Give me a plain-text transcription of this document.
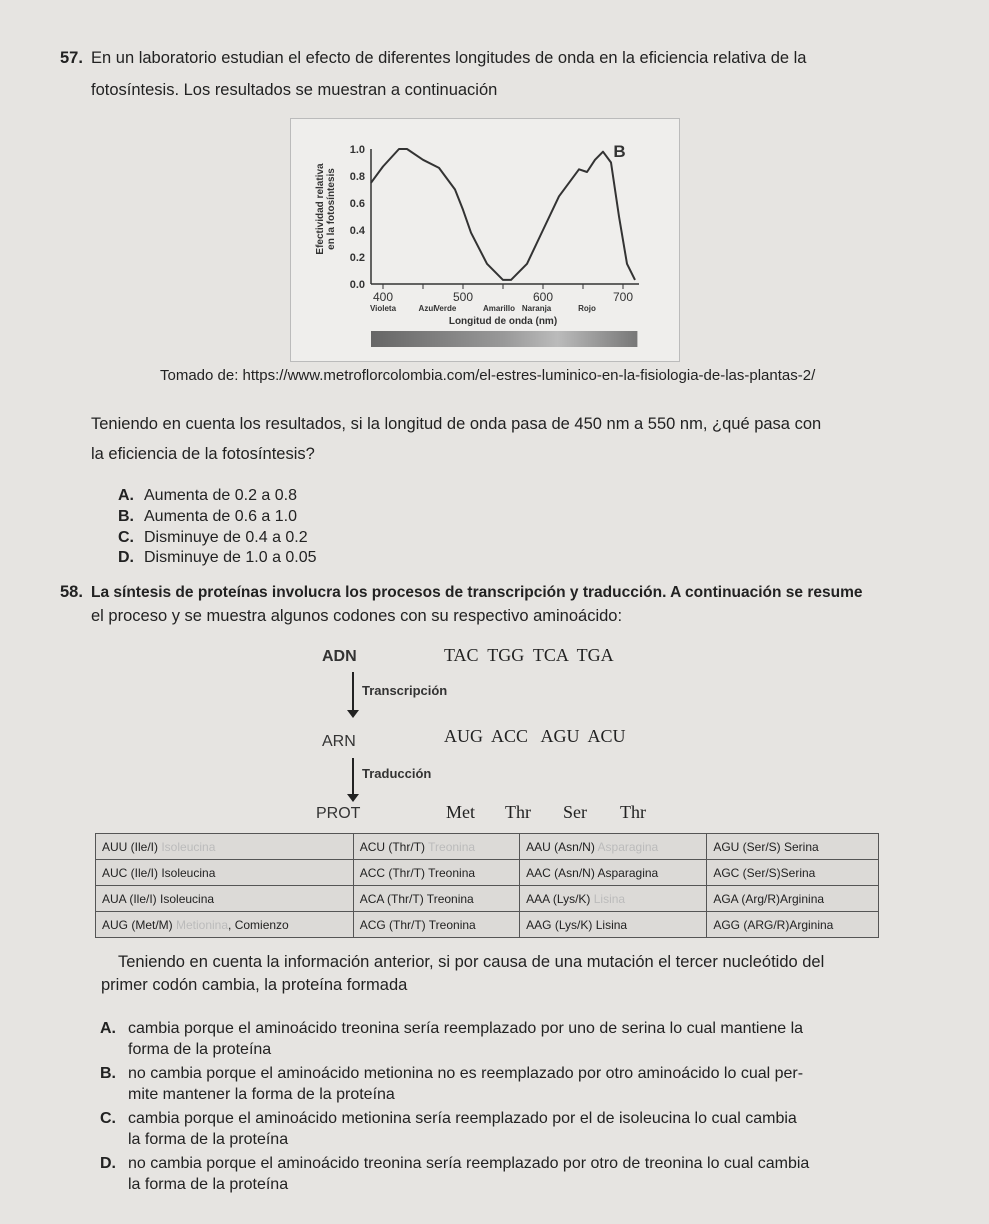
57. En un laboratorio estudian el efecto de diferentes longitudes de onda en la eficiencia relativa de la
fotosíntesis. Los resultados se muestran a continuación
1.0
0.8
0.6
0.4
0.2
0.0
400	500	600	700
Violeta	Azul Verde	Amarillo Naranja	Rojo
Longitud de onda (nm)
Efectividad relativa en la fotosíntesis
B
Tomado de: https://www.metroflorcolombia.com/el-estres-luminico-en-la-fisiologia-de-las-plantas-2/
Teniendo en cuenta los resultados, si la longitud de onda pasa de 450 nm a 550 nm, ¿qué pasa con
la eficiencia de la fotosíntesis?
A. Aumenta de 0.2 a 0.8
B. Aumenta de 0.6 a 1.0
C. Disminuye de 0.4 a 0.2
D. Disminuye de 1.0 a 0.05
58. La síntesis de proteínas involucra los procesos de transcripción y traducción. A continuación se resume
el proceso y se muestra algunos codones con su respectivo aminoácido:
ADN	TAC  TGG  TCA  TGA
Transcripción
ARN	AUG  ACC   AGU  ACU
Traducción
PROT	Met Thr Ser Thr
AUU (Ile/I) Isoleucina	ACU (Thr/T) Treonina	AAU (Asn/N) Asparagina	AGU (Ser/S) Serina
AUC (Ile/I) Isoleucina	ACC (Thr/T) Treonina	AAC (Asn/N) Asparagina	AGC (Ser/S)Serina
AUA (Ile/I) Isoleucina	ACA (Thr/T) Treonina	AAA (Lys/K) Lisina	AGA (Arg/R)Arginina
AUG (Met/M) Metionina, Comienzo	ACG (Thr/T) Treonina	AAG (Lys/K) Lisina	AGG (ARG/R)Arginina
Teniendo en cuenta la información anterior, si por causa de una mutación el tercer nucleótido del
primer codón cambia, la proteína formada
A. cambia porque el aminoácido treonina sería reemplazado por uno de serina lo cual mantiene la
forma de la proteína
B. no cambia porque el aminoácido metionina no es reemplazado por otro aminoácido lo cual per-
mite mantener la forma de la proteína
C. cambia porque el aminoácido metionina sería reemplazado por el de isoleucina lo cual cambia
la forma de la proteína
D. no cambia porque el aminoácido treonina sería reemplazado por otro de treonina lo cual cambia
la forma de la proteína
